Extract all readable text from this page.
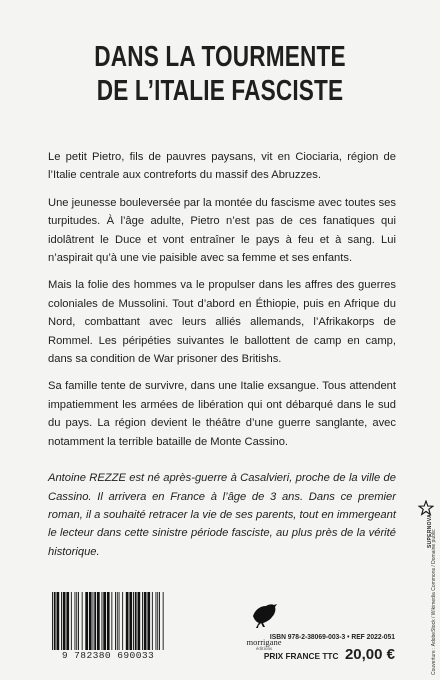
DANS LA TOURMENTE
DE L’ITALIE FASCISTE

Le petit Pietro, fils de pauvres paysans, vit en Ciociaria, région de l’Italie centrale aux contreforts du massif des Abruzzes.

Une jeunesse bouleversée par la montée du fascisme avec toutes ses turpitudes. À l’âge adulte, Pietro n’est pas de ces fanatiques qui idolâtrent le Duce et vont entraîner le pays à feu et à sang. Lui n’aspirait qu’à une vie paisible avec sa femme et ses enfants.

Mais la folie des hommes va le propulser dans les affres des guerres coloniales de Mussolini. Tout d’abord en Éthiopie, puis en Afrique du Nord, combattant avec leurs alliés allemands, l’Afrikakorps de Rommel. Les péripéties suivantes le ballottent de camp en camp, dans sa condition de War prisoner des Britishs.

Sa famille tente de survivre, dans une Italie exsangue. Tous attendent impatiemment les armées de libération qui ont débarqué dans le sud du pays. La région devient le théâtre d’une guerre sanglante, avec notamment la terrible bataille de Monte Cassino.

Antoine REZZE est né après-guerre à Casalvieri, proche de la ville de Cassino. Il arrivera en France à l’âge de 3 ans. Dans ce premier roman, il a souhaité retracer la vie de ses parents, tout en immergeant le lecteur dans cette sinistre période fasciste, au plus près de la vérité historique.

9 782380 690033
morrigane
éditions
ISBN 978-2-38069-003-3 • REF 2022-051
PRIX FRANCE TTC 20,00 €
SUPERNOVA
Couverture : AdobeStock / Wikimedia Commons / Domaine public
